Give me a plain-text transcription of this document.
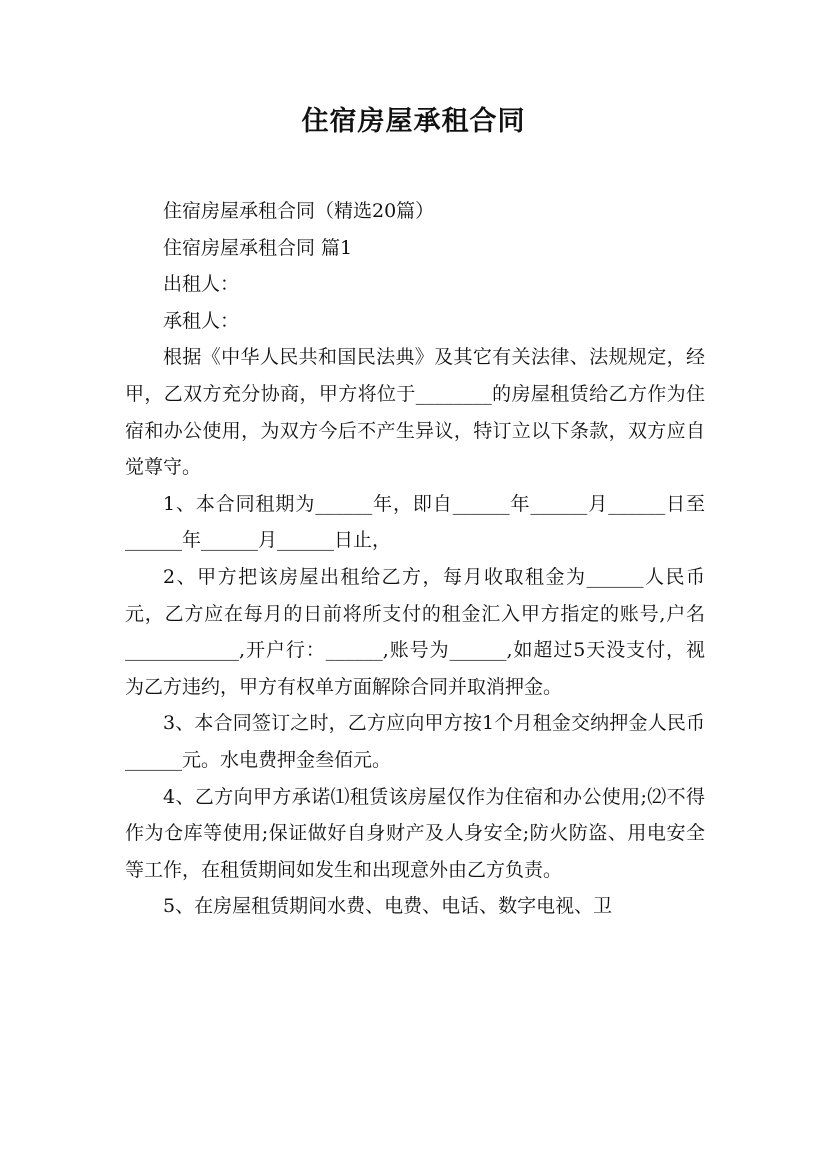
住宿房屋承租合同

住宿房屋承租合同（精选20篇）

住宿房屋承租合同 篇1

出租人：

承租人：

根据《中华人民共和国民法典》及其它有关法律、法规规定，经甲，乙双方充分协商，甲方将位于________的房屋租赁给乙方作为住宿和办公使用，为双方今后不产生异议，特订立以下条款，双方应自觉尊守。

1、本合同租期为______年，即自______年______月______日至______年______月______日止，

2、甲方把该房屋出租给乙方，每月收取租金为______人民币元，乙方应在每月的日前将所支付的租金汇入甲方指定的账号,户名____________,开户行：______,账号为______,如超过5天没支付，视为乙方违约，甲方有权单方面解除合同并取消押金。

3、本合同签订之时，乙方应向甲方按1个月租金交纳押金人民币______元。水电费押金叁佰元。

4、乙方向甲方承诺⑴租赁该房屋仅作为住宿和办公使用;⑵不得作为仓库等使用;保证做好自身财产及人身安全;防火防盗、用电安全等工作，在租赁期间如发生和出现意外由乙方负责。

5、在房屋租赁期间水费、电费、电话、数字电视、卫
